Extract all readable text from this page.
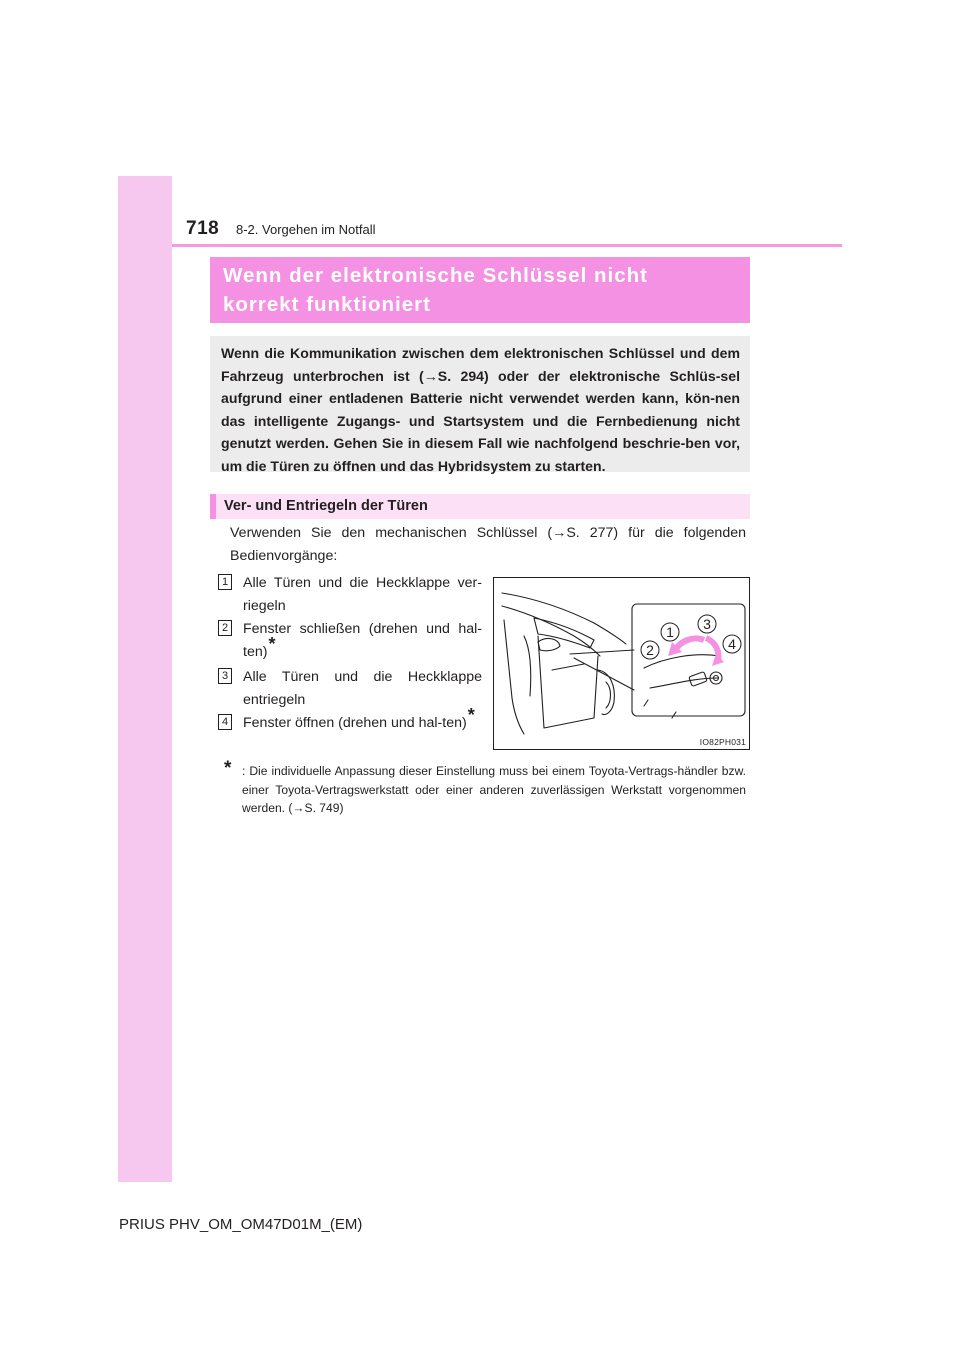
718 8-2. Vorgehen im Notfall
Wenn der elektronische Schlüssel nicht
korrekt funktioniert
Wenn die Kommunikation zwischen dem elektronischen Schlüssel und dem Fahrzeug unterbrochen ist (→S. 294) oder der elektronische Schlüs-sel aufgrund einer entladenen Batterie nicht verwendet werden kann, kön-nen das intelligente Zugangs- und Startsystem und die Fernbedienung nicht genutzt werden. Gehen Sie in diesem Fall wie nachfolgend beschrie-ben vor, um die Türen zu öffnen und das Hybridsystem zu starten.
Ver- und Entriegeln der Türen
Verwenden Sie den mechanischen Schlüssel (→S. 277) für die folgenden Bedienvorgänge:
1 Alle Türen und die Heckklappe ver-riegeln
2 Fenster schließen (drehen und hal-ten)*
3 Alle Türen und die Heckklappe entriegeln
4 Fenster öffnen (drehen und hal-ten)*
1
2
3
4
IO82PH031
* : Die individuelle Anpassung dieser Einstellung muss bei einem Toyota-Vertrags-händler bzw. einer Toyota-Vertragswerkstatt oder einer anderen zuverlässigen Werkstatt vorgenommen werden. (→S. 749)
PRIUS PHV_OM_OM47D01M_(EM)
